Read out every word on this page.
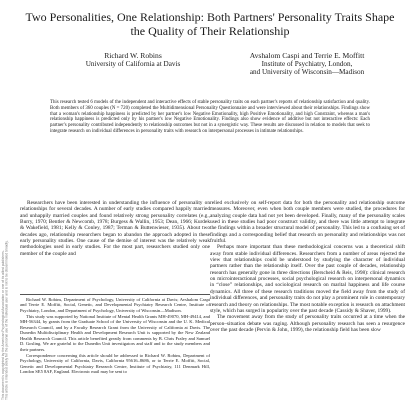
This document is copyrighted by the American Psychological Association or one of its allied publishers. This article is intended solely for the personal use of the individual user and is not to be disseminated broadly.
Two Personalities, One Relationship: Both Partners' Personality Traits Shape the Quality of Their Relationship
Richard W. Robins
University of California at Davis
Avshalom Caspi and Terrie E. Moffitt
Institute of Psychiatry, London,
and University of Wisconsin—Madison

This research tested 6 models of the independent and interactive effects of stable personality traits on each partner's reports of relationship satisfaction and quality. Both members of 360 couples (N = 720) completed the Multidimensional Personality Questionnaire and were interviewed about their relationships. Findings show that a woman's relationship happiness is predicted by her partner's low Negative Emotionality, high Positive Emotionality, and high Constraint, whereas a man's relationship happiness is predicted only by his partner's low Negative Emotionality. Findings also show evidence of additive but not interactive effects: Each partner's personality contributed independently to relationship outcomes but not in a synergistic way. These results are discussed in relation to models that seek to integrate research on individual differences in personality traits with research on interpersonal processes in intimate relationships.

Researchers have been interested in understanding the influence of personality on relationships for several decades. A number of early studies compared happily married and unhappily married couples and found relatively strong personality correlates (e.g., Burry, 1970; Bentler & Newcomb, 1978; Burgess & Wallin, 1953; Dean, 1966; Kurdek & Wakefield, 1981; Kelly & Conley, 1987; Terman & Buttenwieser, 1935). About two decades ago, relationship researchers began to abandon the approach adopted in these early personality studies. One cause of the demise of interest was the relatively weak methodologies used in early studies. For the most part, researchers studied only one member of the couple and

Richard W. Robins, Department of Psychology, University of California at Davis; Avshalom Caspi and Terrie E. Moffitt, Social, Genetic, and Developmental Psychiatry Research Centre, Institute of Psychiatry, London, and Department of Psychology, University of Wisconsin—Madison.

This study was supported by National Institute of Mental Health Grants MH-49070, MH-49414, and MH-56344, by grants from the Graduate School of the University of Wisconsin and the U. K. Medical Research Council, and by a Faculty Research Grant from the University of California at Davis. The Dunedin Multidisciplinary Health and Development Research Unit is supported by the New Zealand Health Research Council. This article benefited greatly from comments by B. Chris Fraley and Samuel D. Gosling. We are grateful to the Dunedin Unit investigators and staff and to the study members and their partners.

Correspondence concerning this article should be addressed to Richard W. Robins, Department of Psychology, University of California, Davis, California 95616–8686, or to Terrie E. Moffitt, Social, Genetic and Developmental Psychiatry Research Centre, Institute of Psychiatry, 111 Denmark Hill, London SE5 8AF, England. Electronic mail may be sent to

relied exclusively on self-report data for both the personality and relationship outcome measures. Moreover, even when both couple members were studied, the procedures for analyzing couple data had not yet been developed. Finally, many of the personality scales used in these studies had poor construct validity, and there was little attempt to integrate the findings within a broader structural model of personality. This led to a confusing set of findings and a corresponding belief that research on personality and relationships was not fruitful.

Perhaps more important than these methodological concerns was a theoretical shift away from stable individual differences. Researchers from a number of areas rejected the view that relationships could be understood by studying the character of individual partners rather than the relationship itself. Over the past couple of decades, relationship research has generally gone in three directions (Berscheid & Reis, 1998): clinical research on microinteractional processes, social psychological research on interpersonal dynamics in “close” relationships, and sociological research on marital happiness and life course dynamics. All three of these research traditions moved the field away from the study of individual differences, and personality traits do not play a prominent role in contemporary research and theory on relationships. The most notable exception is research on attachment style, which has surged in popularity over the past decade (Cassidy & Shaver, 1999).

The movement away from the study of personality traits occurred at a time when the person–situation debate was raging. Although personality research has seen a resurgence over the past decade (Pervin & John, 1999), the relationship field has been slow
